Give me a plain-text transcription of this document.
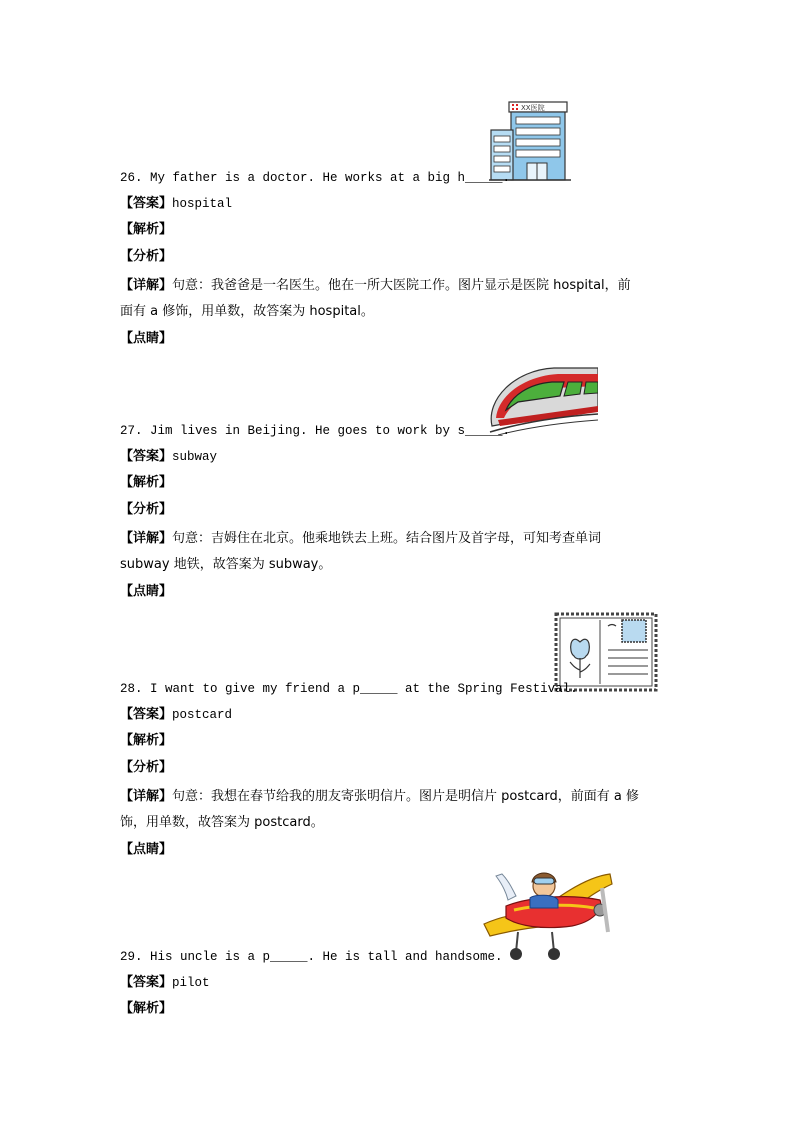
XX医院
26. My father is a doctor. He works at a big h_____.
【答案】hospital
【解析】
【分析】
【详解】句意：我爸爸是一名医生。他在一所大医院工作。图片显示是医院 hospital，前
面有 a 修饰，用单数，故答案为 hospital。
【点睛】
27. Jim lives in Beijing. He goes to work by s_____.
【答案】subway
【解析】
【分析】
【详解】句意：吉姆住在北京。他乘地铁去上班。结合图片及首字母，可知考查单词
subway 地铁，故答案为 subway。
【点睛】
28. I want to give my friend a p_____ at the Spring Festival.
【答案】postcard
【解析】
【分析】
【详解】句意：我想在春节给我的朋友寄张明信片。图片是明信片 postcard，前面有 a 修
饰，用单数，故答案为 postcard。
【点睛】
29. His uncle is a p_____. He is tall and handsome.
【答案】pilot
【解析】
